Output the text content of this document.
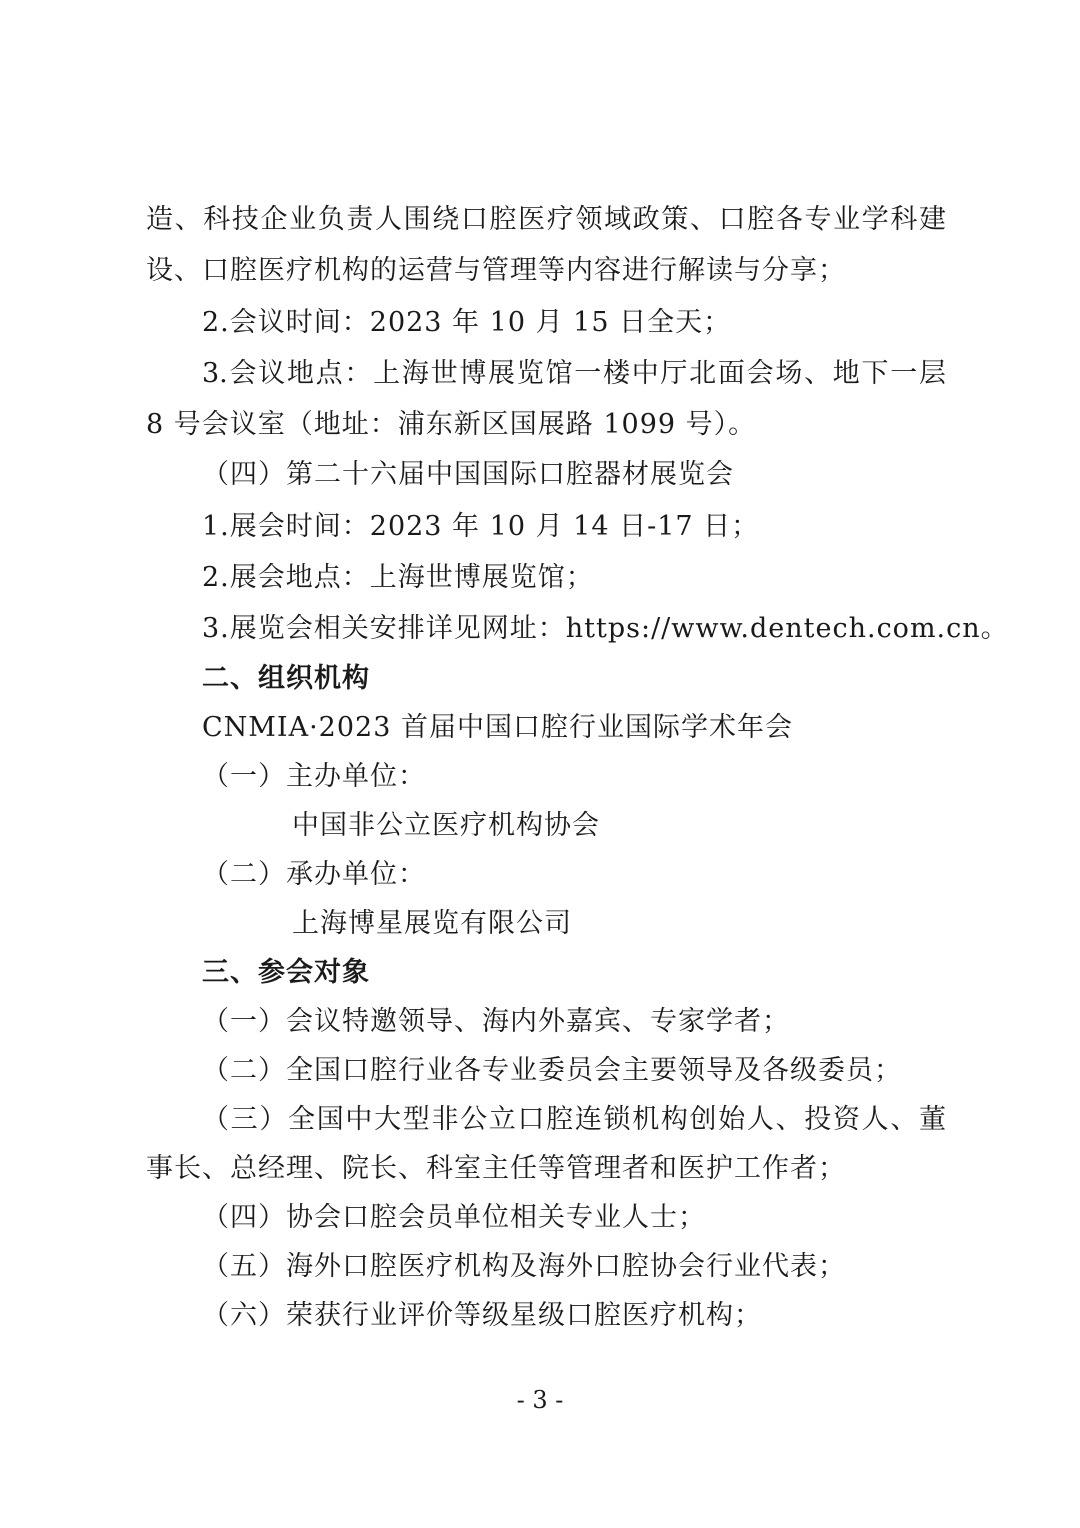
造、科技企业负责人围绕口腔医疗领域政策、口腔各专业学科建
设、口腔医疗机构的运营与管理等内容进行解读与分享；
2.会议时间：2023 年 10 月 15 日全天；
3.会议地点：上海世博展览馆一楼中厅北面会场、地下一层
8 号会议室（地址：浦东新区国展路 1099 号）。
（四）第二十六届中国国际口腔器材展览会
1.展会时间：2023 年 10 月 14 日-17 日；
2.展会地点：上海世博展览馆；
3.展览会相关安排详见网址：https://www.dentech.com.cn。
二、组织机构
CNMIA·2023 首届中国口腔行业国际学术年会
（一）主办单位：
中国非公立医疗机构协会
（二）承办单位：
上海博星展览有限公司
三、参会对象
（一）会议特邀领导、海内外嘉宾、专家学者；
（二）全国口腔行业各专业委员会主要领导及各级委员；
（三）全国中大型非公立口腔连锁机构创始人、投资人、董
事长、总经理、院长、科室主任等管理者和医护工作者；
（四）协会口腔会员单位相关专业人士；
（五）海外口腔医疗机构及海外口腔协会行业代表；
（六）荣获行业评价等级星级口腔医疗机构；
- 3 -
